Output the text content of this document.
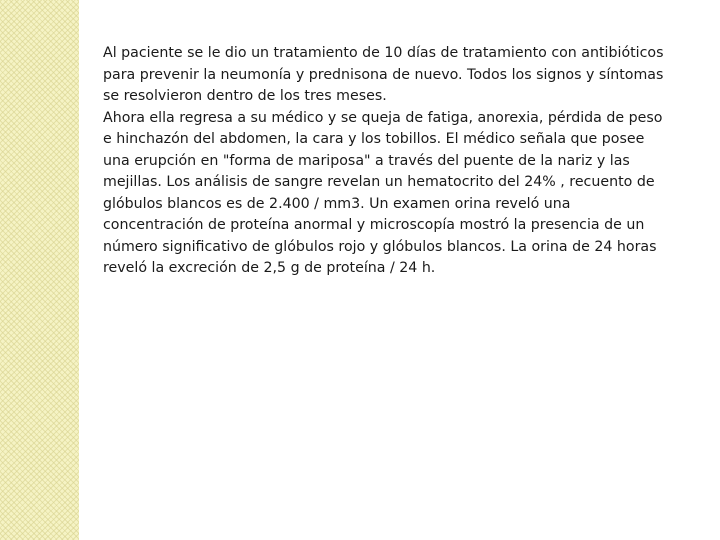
Al paciente se le dio un tratamiento de 10 días de tratamiento con antibióticos
para prevenir la neumonía y prednisona de nuevo. Todos los signos y síntomas
se resolvieron dentro de los tres meses.
Ahora ella regresa a su médico y se queja de fatiga, anorexia, pérdida de peso
e hinchazón del abdomen, la cara y los tobillos. El médico señala que posee
una erupción en "forma de mariposa" a través del puente de la nariz y las
mejillas. Los análisis de sangre revelan un hematocrito del 24% , recuento de
glóbulos blancos es de 2.400 / mm3. Un examen orina reveló una
concentración de proteína anormal y microscopía mostró la presencia de un
número significativo de glóbulos rojo y glóbulos blancos. La orina de 24 horas
reveló la excreción de 2,5 g de proteína / 24 h.
